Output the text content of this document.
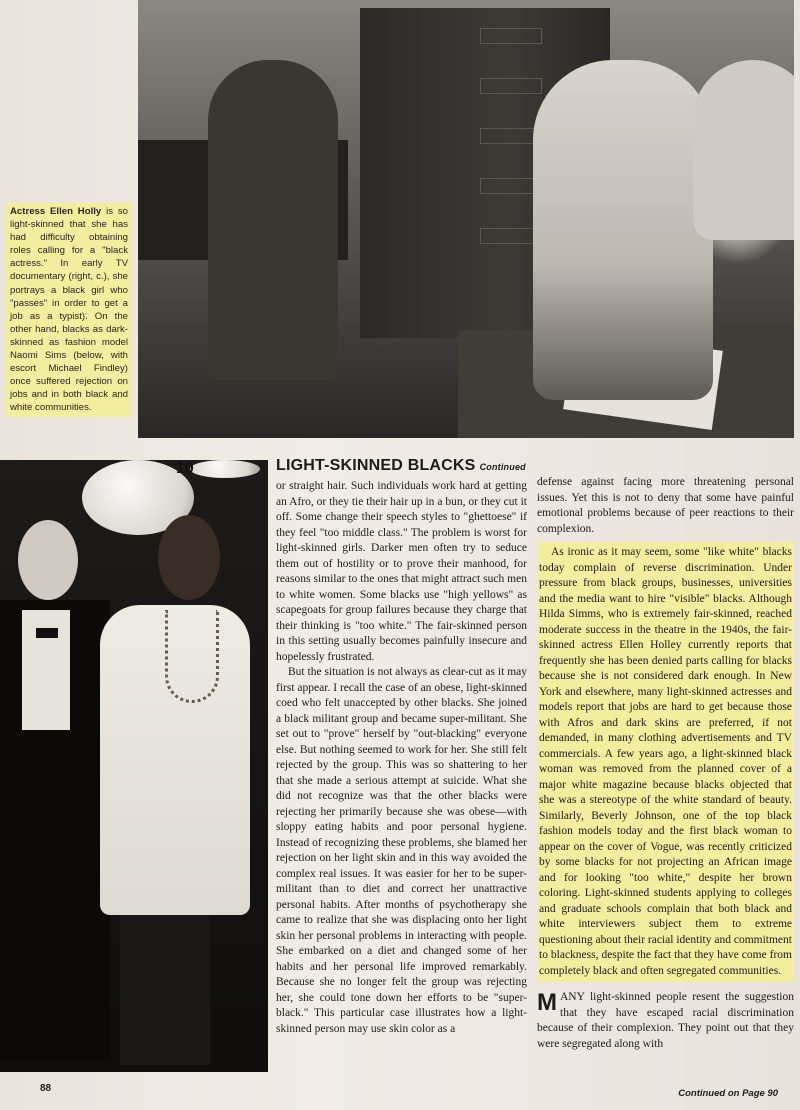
Actress Ellen Holly is so light-skinned that she has had difficulty obtaining roles calling for a "black actress." In early TV documentary (right, c.), she portrays a black girl who "passes" in order to get a job as a typist). On the other hand, blacks as dark-skinned as fashion model Naomi Sims (below, with escort Michael Findley) once suffered rejection on jobs and in both black and white communities.
10	LIGHT-SKINNED BLACKS Continued

or straight hair. Such individuals work hard at getting an Afro, or they tie their hair up in a bun, or they cut it off. Some change their speech styles to "ghettoese" if they feel "too middle class." The problem is worst for light-skinned girls. Darker men often try to seduce them out of hostility or to prove their manhood, for reasons similar to the ones that might attract such men to white women. Some blacks use "high yellows" as scapegoats for group failures because they charge that their thinking is "too white." The fair-skinned person in this setting usually becomes painfully insecure and hopelessly frustrated.

But the situation is not always as clear-cut as it may first appear. I recall the case of an obese, light-skinned coed who felt unaccepted by other blacks. She joined a black militant group and became super-militant. She set out to "prove" herself by "out-blacking" everyone else. But nothing seemed to work for her. She still felt rejected by the group. This was so shattering to her that she made a serious attempt at suicide. What she did not recognize was that the other blacks were rejecting her primarily because she was obese—with sloppy eating habits and poor personal hygiene. Instead of recognizing these problems, she blamed her rejection on her light skin and in this way avoided the complex real issues. It was easier for her to be super-militant than to diet and correct her unattractive personal habits. After months of psychotherapy she came to realize that she was displacing onto her light skin her personal problems in interacting with people. She embarked on a diet and changed some of her habits and her personal life improved remarkably. Because she no longer felt the group was rejecting her, she could tone down her efforts to be "super-black." This particular case illustrates how a light-skinned person may use skin color as a

defense against facing more threatening personal issues. Yet this is not to deny that some have painful emotional problems because of peer reactions to their complexion.

As ironic as it may seem, some "like white" blacks today complain of reverse discrimination. Under pressure from black groups, businesses, universities and the media want to hire "visible" blacks. Although Hilda Simms, who is extremely fair-skinned, reached moderate success in the theatre in the 1940s, the fair-skinned actress Ellen Holley currently reports that frequently she has been denied parts calling for blacks because she is not considered dark enough. In New York and elsewhere, many light-skinned actresses and models report that jobs are hard to get because those with Afros and dark skins are preferred, if not demanded, in many clothing advertisements and TV commercials. A few years ago, a light-skinned black woman was removed from the planned cover of a major white magazine because blacks objected that she was a stereotype of the white standard of beauty. Similarly, Beverly Johnson, one of the top black fashion models today and the first black woman to appear on the cover of Vogue, was recently criticized by some blacks for not projecting an African image and for looking "too white," despite her brown coloring. Light-skinned students applying to colleges and graduate schools complain that both black and white interviewers subject them to extreme questioning about their racial identity and commitment to blackness, despite the fact that they have come from completely black and often segregated communities.

MANY light-skinned people resent the suggestion that they have escaped racial discrimination because of their complexion. They point out that they were segregated along with

88	Continued on Page 90
